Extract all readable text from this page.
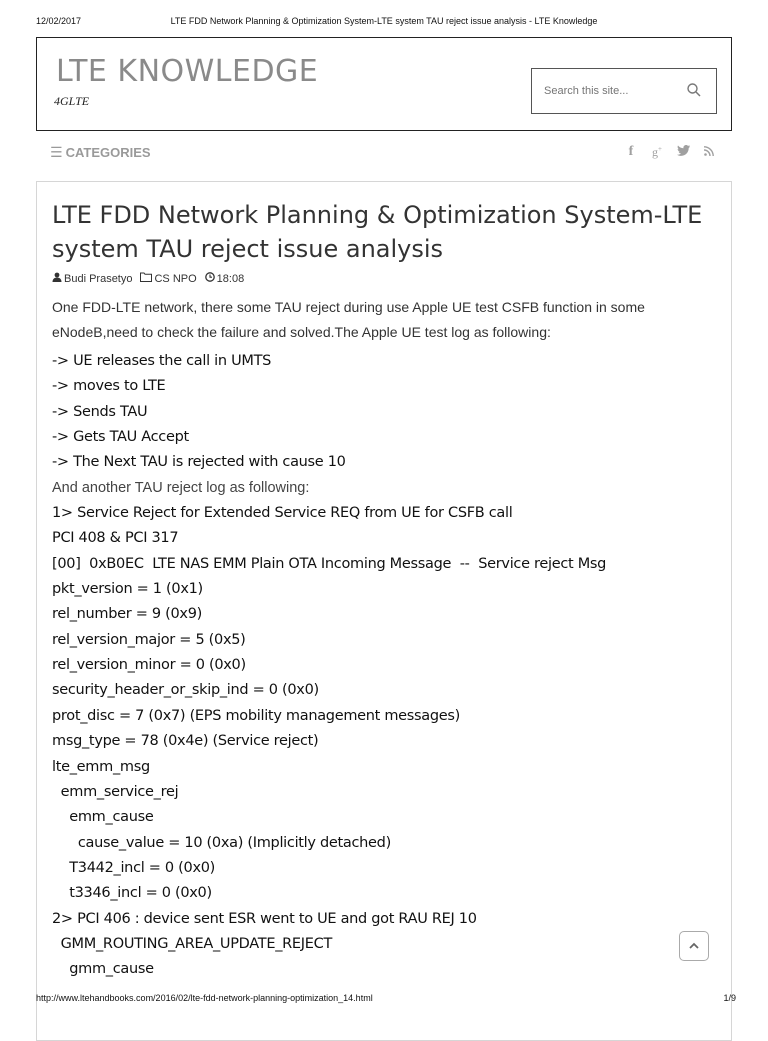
12/02/2017	LTE FDD Network Planning & Optimization System-LTE system TAU reject issue analysis - LTE Knowledge
LTE KNOWLEDGE
4GLTE
Search this site...
☰ CATEGORIES	f	g+
LTE FDD Network Planning & Optimization System-LTE system TAU reject issue analysis
Budi Prasetyo CS NPO 18:08
One FDD-LTE network, there some TAU reject during use Apple UE test CSFB function in some eNodeB,need to check the failure and solved.The Apple UE test log as following:
-> UE releases the call in UMTS
-> moves to LTE
-> Sends TAU
-> Gets TAU Accept
-> The Next TAU is rejected with cause 10
And another TAU reject log as following:
1> Service Reject for Extended Service REQ from UE for CSFB call
PCI 408 & PCI 317
[00]  0xB0EC  LTE NAS EMM Plain OTA Incoming Message  --  Service reject Msg
pkt_version = 1 (0x1)
rel_number = 9 (0x9)
rel_version_major = 5 (0x5)
rel_version_minor = 0 (0x0)
security_header_or_skip_ind = 0 (0x0)
prot_disc = 7 (0x7) (EPS mobility management messages)
msg_type = 78 (0x4e) (Service reject)
lte_emm_msg
emm_service_rej
emm_cause
cause_value = 10 (0xa) (Implicitly detached)
T3442_incl = 0 (0x0)
t3346_incl = 0 (0x0)
2> PCI 406 : device sent ESR went to UE and got RAU REJ 10
GMM_ROUTING_AREA_UPDATE_REJECT
gmm_cause
http://www.ltehandbooks.com/2016/02/lte-fdd-network-planning-optimization_14.html	1/9
